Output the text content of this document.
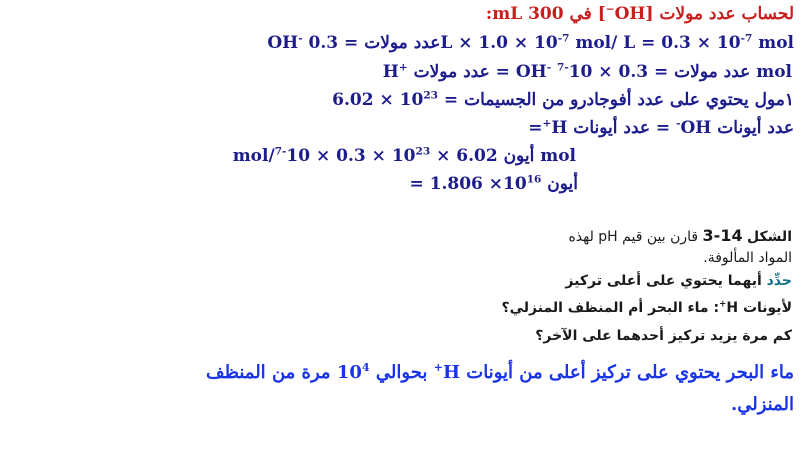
لحساب عدد مولات [OH−] في 300 mL:
OH- عدد مولات = $0.3L \times 1.0 \times 10^{-7}$ mol/ $L = 0.3 \times 10^{-7}$ mol
H+ عدد مولات = OH- عدد مولات = $0.3 \times 10^{-7}$	mol
١مول يحتوي على عدد أفوجادرو من الجسيمات = $10^{23} \times 6.02$
عدد أيونات OH- = عدد أيونات H+=
mol/أيون $6.02 \times 10^{23} \times 0.3 \times 10^{-7}$	mol
أيون = $1.806 \times 10^{16}$
الشكل 3-14 قارن بين قيم pH لهذه
المواد المألوفة.
حدِّد أيهما يحتوي على أعلى تركيز
لأيونات H+: ماء البحر أم المنظف المنزلي؟
كم مرة يزيد تركيز أحدهما على الآخر؟
ماء البحر يحتوي على تركيز أعلى من أيونات H+ بحوالي $10^4$ مرة من المنظف
المنزلي.
